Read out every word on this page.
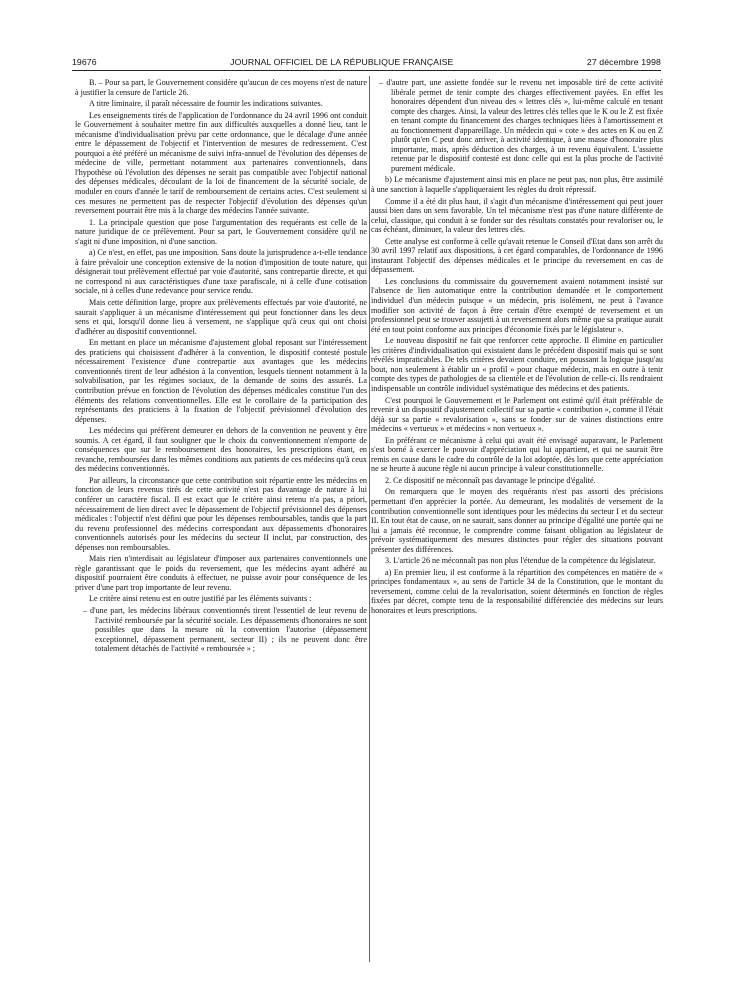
19676	JOURNAL OFFICIEL DE LA RÉPUBLIQUE FRANÇAISE	27 décembre 1998

B. – Pour sa part, le Gouvernement considère qu'aucun de ces moyens n'est de nature à justifier la censure de l'article 26.

A titre liminaire, il paraît nécessaire de fournir les indications suivantes.

Les enseignements tirés de l'application de l'ordonnance du 24 avril 1996 ont conduit le Gouvernement à souhaiter mettre fin aux difficultés auxquelles a donné lieu, tant le mécanisme d'individualisation prévu par cette ordonnance, que le décalage d'une année entre le dépassement de l'objectif et l'intervention de mesures de redressement. C'est pourquoi a été préféré un mécanisme de suivi infra-annuel de l'évolution des dépenses de médecine de ville, permettant notamment aux partenaires conventionnels, dans l'hypothèse où l'évolution des dépenses ne serait pas compatible avec l'objectif national des dépenses médicales, découlant de la loi de financement de la sécurité sociale, de moduler en cours d'année le tarif de remboursement de certains actes. C'est seulement si ces mesures ne permettent pas de respecter l'objectif d'évolution des dépenses qu'un reversement pourrait être mis à la charge des médecins l'année suivante.

1. La principale question que pose l'argumentation des requérants est celle de la nature juridique de ce prélèvement. Pour sa part, le Gouvernement considère qu'il ne s'agit ni d'une imposition, ni d'une sanction.

a) Ce n'est, en effet, pas une imposition. Sans doute la jurisprudence a-t-elle tendance à faire prévaloir une conception extensive de la notion d'imposition de toute nature, qui désignerait tout prélèvement effectué par voie d'autorité, sans contrepartie directe, et qui ne correspond ni aux caractéristiques d'une taxe parafiscale, ni à celle d'une cotisation sociale, ni à celles d'une redevance pour service rendu.

Mais cette définition large, propre aux prélèvements effectués par voie d'autorité, ne saurait s'appliquer à un mécanisme d'intéressement qui peut fonctionner dans les deux sens et qui, lorsqu'il donne lieu à versement, ne s'applique qu'à ceux qui ont choisi d'adhérer au dispositif conventionnel.

En mettant en place un mécanisme d'ajustement global reposant sur l'intéressement des praticiens qui choisissent d'adhérer à la convention, le dispositif contesté postule nécessairement l'existence d'une contrepartie aux avantages que les médecins conventionnés tirent de leur adhésion à la convention, lesquels tiennent notamment à la solvabilisation, par les régimes sociaux, de la demande de soins des assurés. La contribution prévue en fonction de l'évolution des dépenses médicales constitue l'un des éléments des relations conventionnelles. Elle est le corollaire de la participation des représentants des praticiens à la fixation de l'objectif prévisionnel d'évolution des dépenses.

Les médecins qui préfèrent demeurer en dehors de la convention ne peuvent y être soumis. A cet égard, il faut souligner que le choix du conventionnement n'emporte de conséquences que sur le remboursement des honoraires, les prescriptions étant, en revanche, remboursées dans les mêmes conditions aux patients de ces médecins qu'à ceux des médecins conventionnés.

Par ailleurs, la circonstance que cette contribution soit répartie entre les médecins en fonction de leurs revenus tirés de cette activité n'est pas davantage de nature à lui conférer un caractère fiscal. Il est exact que le critère ainsi retenu n'a pas, a priori, nécessairement de lien direct avec le dépassement de l'objectif prévisionnel des dépenses médicales : l'objectif n'est défini que pour les dépenses remboursables, tandis que la part du revenu professionnel des médecins correspondant aux dépassements d'honoraires conventionnels autorisés pour les médecins du secteur II inclut, par construction, des dépenses non remboursables.

Mais rien n'interdisait au législateur d'imposer aux partenaires conventionnels une règle garantissant que le poids du reversement, que les médecins ayant adhéré au dispositif pourraient être conduits à effectuer, ne puisse avoir pour conséquence de les priver d'une part trop importante de leur revenu.

Le critère ainsi retenu est en outre justifié par les éléments suivants :

– d'une part, les médecins libéraux conventionnés tirent l'essentiel de leur revenu de l'activité remboursée par la sécurité sociale. Les dépassements d'honoraires ne sont possibles que dans la mesure où la convention l'autorise (dépassement exceptionnel, dépassement permanent, secteur II) ; ils ne peuvent donc être totalement détachés de l'activité « remboursée » ;

– d'autre part, une assiette fondée sur le revenu net imposable tiré de cette activité libérale permet de tenir compte des charges effectivement payées. En effet les honoraires dépendent d'un niveau des « lettres clés », lui-même calculé en tenant compte des charges. Ainsi, la valeur des lettres clés telles que le K ou le Z est fixée en tenant compte du financement des charges techniques liées à l'amortissement et au fonctionnement d'appareillage. Un médecin qui « cote » des actes en K ou en Z plutôt qu'en C peut donc arriver, à activité identique, à une masse d'honoraire plus importante, mais, après déduction des charges, à un revenu équivalent. L'assiette retenue par le dispositif contesté est donc celle qui est la plus proche de l'activité purement médicale.

b) Le mécanisme d'ajustement ainsi mis en place ne peut pas, non plus, être assimilé à une sanction à laquelle s'appliqueraient les règles du droit répressif.

Comme il a été dit plus haut, il s'agit d'un mécanisme d'intéressement qui peut jouer aussi bien dans un sens favorable. Un tel mécanisme n'est pas d'une nature différente de celui, classique, qui conduit à se fonder sur des résultats constatés pour revaloriser ou, le cas échéant, diminuer, la valeur des lettres clés.

Cette analyse est conforme à celle qu'avait retenue le Conseil d'Etat dans son arrêt du 30 avril 1997 relatif aux dispositions, à cet égard comparables, de l'ordonnance de 1996 instaurant l'objectif des dépenses médicales et le principe du reversement en cas de dépassement.

Les conclusions du commissaire du gouvernement avaient notamment insisté sur l'absence de lien automatique entre la contribution demandée et le comportement individuel d'un médecin puisque « un médecin, pris isolément, ne peut à l'avance modifier son activité de façon à être certain d'être exempté de reversement et un professionnel peut se trouver assujetti à un reversement alors même que sa pratique aurait été en tout point conforme aux principes d'économie fixés par le législateur ».

Le nouveau dispositif ne fait que renforcer cette approche. Il élimine en particulier les critères d'individualisation qui existaient dans le précédent dispositif mais qui se sont révélés impraticables. De tels critères devaient conduire, en poussant la logique jusqu'au bout, non seulement à établir un « profil » pour chaque médecin, mais en outre à tenir compte des types de pathologies de sa clientèle et de l'évolution de celle-ci. Ils rendraient indispensable un contrôle individuel systématique des médecins et des patients.

C'est pourquoi le Gouvernement et le Parlement ont estimé qu'il était préférable de revenir à un dispositif d'ajustement collectif sur sa partie « contribution », comme il l'était déjà sur sa partie « revalorisation », sans se fonder sur de vaines distinctions entre médecins « vertueux » et médecins « non vertueux ».

En préférant ce mécanisme à celui qui avait été envisagé auparavant, le Parlement s'est borné à exercer le pouvoir d'appréciation qui lui appartient, et qui ne saurait être remis en cause dans le cadre du contrôle de la loi adoptée, dès lors que cette appréciation ne se heurte à aucune règle ni aucun principe à valeur constitutionnelle.

2. Ce dispositif ne méconnaît pas davantage le principe d'égalité.

On remarquera que le moyen des requérants n'est pas assorti des précisions permettant d'en apprécier la portée. Au demeurant, les modalités de versement de la contribution conventionnelle sont identiques pour les médecins du secteur I et du secteur II. En tout état de cause, on ne saurait, sans donner au principe d'égalité une portée qui ne lui a jamais été reconnue, le comprendre comme faisant obligation au législateur de prévoir systématiquement des mesures distinctes pour régler des situations pouvant présenter des différences.

3. L'article 26 ne méconnaît pas non plus l'étendue de la compétence du législateur.

a) En premier lieu, il est conforme à la répartition des compétences en matière de « principes fondamentaux », au sens de l'article 34 de la Constitution, que le montant du reversement, comme celui de la revalorisation, soient déterminés en fonction de règles fixées par décret, compte tenu de la responsabilité différenciée des médecins sur leurs honoraires et leurs prescriptions.
